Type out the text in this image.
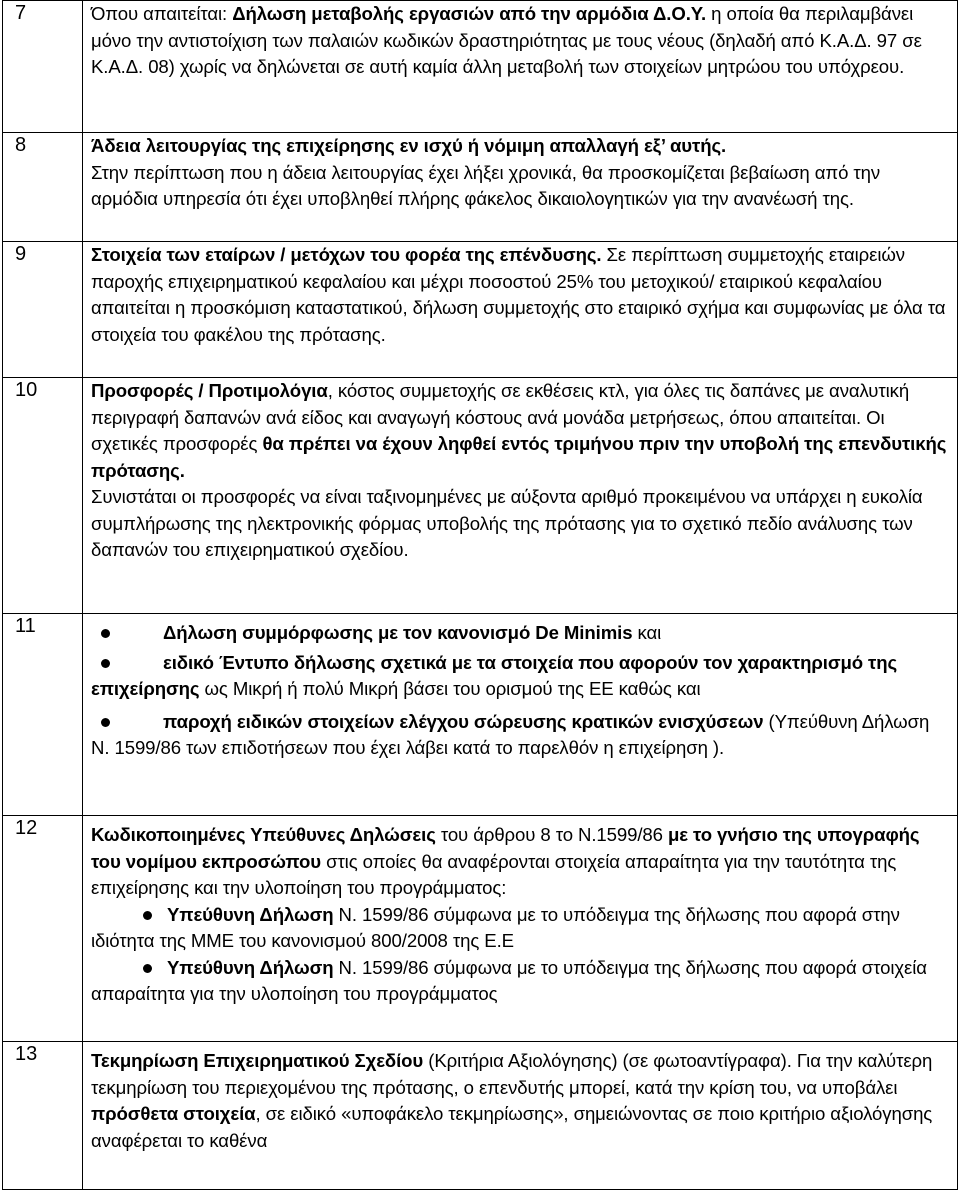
7	Όπου απαιτείται: Δήλωση μεταβολής εργασιών από την αρμόδια Δ.Ο.Υ. η οποία θα περιλαμβάνει μόνο την αντιστοίχιση των παλαιών κωδικών δραστηριότητας με τους νέους (δηλαδή από Κ.Α.Δ. 97 σε Κ.Α.Δ. 08) χωρίς να δηλώνεται σε αυτή καμία άλλη μεταβολή των στοιχείων μητρώου του υπόχρεου.

8	Άδεια λειτουργίας της επιχείρησης εν ισχύ ή νόμιμη απαλλαγή εξ’ αυτής.
Στην περίπτωση που η άδεια λειτουργίας έχει λήξει χρονικά, θα προσκομίζεται βεβαίωση από την αρμόδια υπηρεσία ότι έχει υποβληθεί πλήρης φάκελος δικαιολογητικών για την ανανέωσή της.

9	Στοιχεία των εταίρων / μετόχων του φορέα της επένδυσης. Σε περίπτωση συμμετοχής εταιρειών παροχής επιχειρηματικού κεφαλαίου και μέχρι ποσοστού 25% του μετοχικού/ εταιρικού κεφαλαίου απαιτείται η προσκόμιση καταστατικού, δήλωση συμμετοχής στο εταιρικό σχήμα και συμφωνίας με όλα τα στοιχεία του φακέλου της πρότασης.

10	Προσφορές / Προτιμολόγια, κόστος συμμετοχής σε εκθέσεις κτλ, για όλες τις δαπάνες με αναλυτική περιγραφή δαπανών ανά είδος και αναγωγή κόστους ανά μονάδα μετρήσεως, όπου απαιτείται. Οι σχετικές προσφορές θα πρέπει να έχουν ληφθεί εντός τριμήνου πριν την υποβολή της επενδυτικής πρότασης.
Συνιστάται οι προσφορές να είναι ταξινομημένες με αύξοντα αριθμό προκειμένου να υπάρχει η ευκολία συμπλήρωσης της ηλεκτρονικής φόρμας υποβολής της πρότασης για το σχετικό πεδίο ανάλυσης των δαπανών του επιχειρηματικού σχεδίου.

11	Δήλωση συμμόρφωσης με τον κανονισμό De Minimis και
ειδικό Έντυπο δήλωσης σχετικά με τα στοιχεία που αφορούν τον χαρακτηρισμό της επιχείρησης ως Μικρή ή πολύ Μικρή βάσει του ορισμού της ΕΕ καθώς και
παροχή ειδικών στοιχείων ελέγχου σώρευσης κρατικών ενισχύσεων (Υπεύθυνη Δήλωση Ν. 1599/86 των επιδοτήσεων που έχει λάβει κατά το παρελθόν η επιχείρηση ).

12	Κωδικοποιημένες Υπεύθυνες Δηλώσεις του άρθρου 8 το Ν.1599/86 με το γνήσιο της υπογραφής του νομίμου εκπροσώπου στις οποίες θα αναφέρονται στοιχεία απαραίτητα για την ταυτότητα της επιχείρησης και την υλοποίηση του προγράμματος:
Υπεύθυνη Δήλωση Ν. 1599/86 σύμφωνα με το υπόδειγμα της δήλωσης που αφορά στην ιδιότητα της ΜΜΕ του κανονισμού 800/2008 της Ε.Ε
Υπεύθυνη Δήλωση Ν. 1599/86 σύμφωνα με το υπόδειγμα της δήλωσης που αφορά στοιχεία απαραίτητα για την υλοποίηση του προγράμματος

13	Τεκμηρίωση Επιχειρηματικού Σχεδίου (Κριτήρια Αξιολόγησης) (σε φωτοαντίγραφα). Για την καλύτερη τεκμηρίωση του περιεχομένου της πρότασης, ο επενδυτής μπορεί, κατά την κρίση του, να υποβάλει πρόσθετα στοιχεία, σε ειδικό «υποφάκελο τεκμηρίωσης», σημειώνοντας σε ποιο κριτήριο αξιολόγησης αναφέρεται το καθένα
